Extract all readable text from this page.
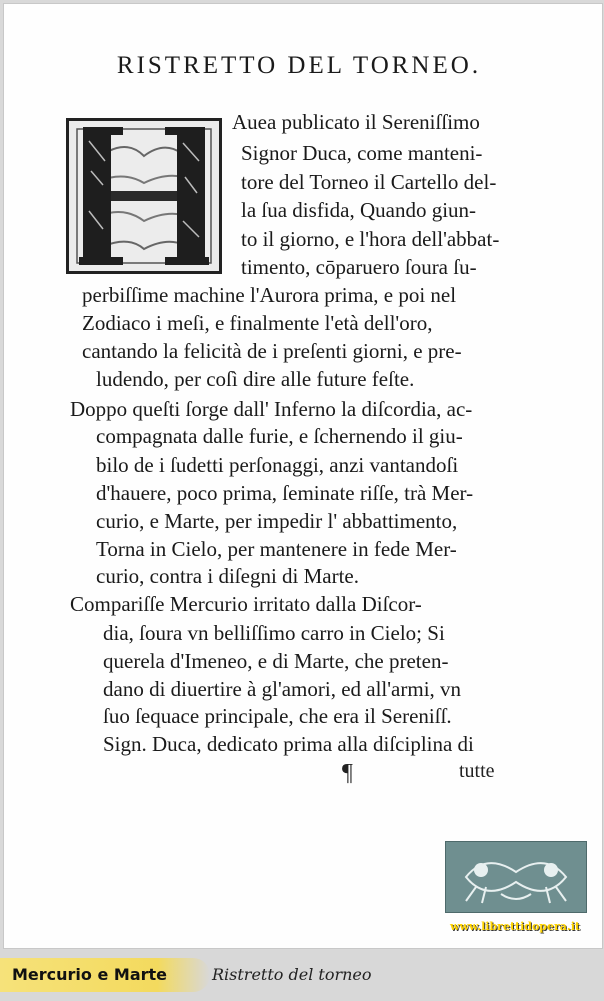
RISTRETTO DEL TORNEO.
Aueа publicato il Sereniſſimo
Signor Duca, come manteni-
tore del Torneo il Cartello del-
la ſua disfida, Quando giun-
to il giorno, e l'hora dell'abbat-
timento, cōparuero ſoura ſu-
perbiſſime machine l'Aurora prima, e poi nel
Zodiaco i meſi, e finalmente l'età dell'oro,
cantando la felicità de i preſenti giorni, e pre-
ludendo, per coſì dire alle future feſte.
Doppo queſti ſorge dall' Inferno la diſcordia, ac-
compagnata dalle furie, e ſchernendo il giu-
bilo de i ſudetti perſonaggi, anzi vantandoſi
d'hauere, poco prima, ſeminate riſſe, trà Mer-
curio, e Marte, per impedir l' abbattimento,
Torna in Cielo, per mantenere in fede Mer-
curio, contra i diſegni di Marte.
Compariſſe Mercurio irritato dalla Diſcor-
dia, ſoura vn belliſſimo carro in Cielo; Si
querela d'Imeneo, e di Marte, che preten-
dano di diuertire à gl'amori, ed all'armi, vn
ſuo ſequace principale, che era il Sereniſſ.
Sign. Duca, dedicato prima alla diſciplina di
¶	tutte
www.librettidopera.it
Mercurio e Marte	Ristretto del torneo
